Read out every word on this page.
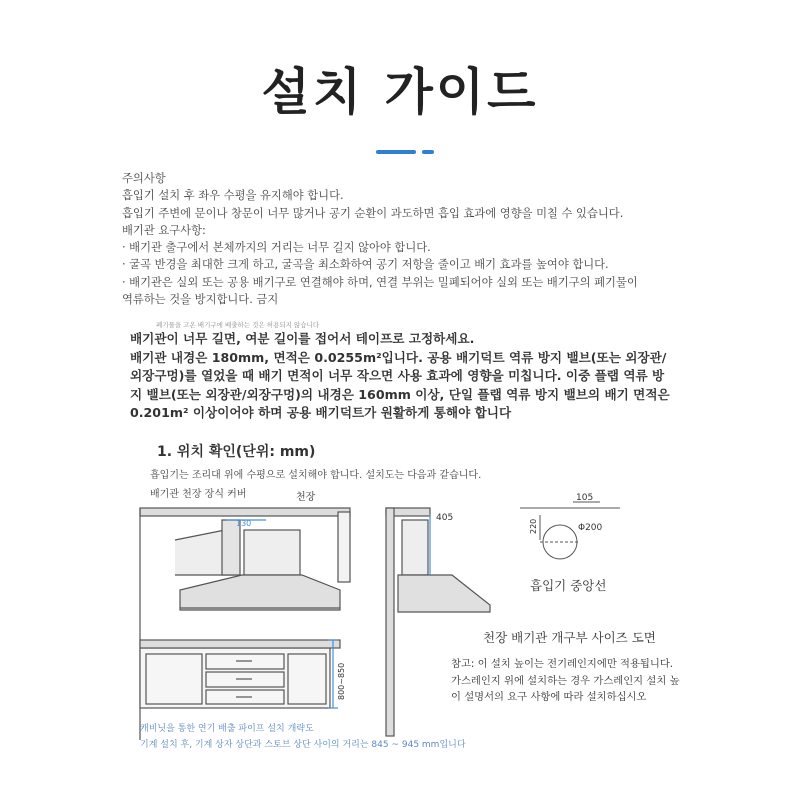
설치 가이드
주의사항
흡입기 설치 후 좌우 수평을 유지해야 합니다.
흡입기 주변에 문이나 창문이 너무 많거나 공기 순환이 과도하면 흡입 효과에 영향을 미칠 수 있습니다.
배기관 요구사항:
· 배기관 출구에서 본체까지의 거리는 너무 길지 않아야 합니다.
· 굴곡 반경을 최대한 크게 하고, 굴곡을 최소화하여 공기 저항을 줄이고 배기 효과를 높여야 합니다.
· 배기관은 실외 또는 공용 배기구로 연결해야 하며, 연결 부위는 밀폐되어야 실외 또는 배기구의 폐기물이
역류하는 것을 방지합니다. 금지
폐기물을 고온 배기구에 배출하는 것은 허용되지 않습니다
배기관이 너무 길면, 여분 길이를 접어서 테이프로 고정하세요.
배기관 내경은 180mm, 면적은 0.0255m²입니다. 공용 배기덕트 역류 방지 밸브(또는 외장관/
외장구멍)를 열었을 때 배기 면적이 너무 작으면 사용 효과에 영향을 미칩니다. 이중 플랩 역류 방
지 밸브(또는 외장관/외장구멍)의 내경은 160mm 이상, 단일 플랩 역류 방지 밸브의 배기 면적은
0.201m² 이상이어야 하며 공용 배기덕트가 원활하게 통해야 합니다
1. 위치 확인(단위: mm)
흡입기는 조리대 위에 수평으로 설치해야 합니다. 설치도는 다음과 같습니다.
배기관 천장 장식 커버	천장
130
800~850
405
105
220	Φ200
흡입기 중앙선
천장 배기관 개구부 사이즈 도면
참고: 이 설치 높이는 전기레인지에만 적용됩니다.
가스레인지 위에 설치하는 경우 가스레인지 설치 높
이 설명서의 요구 사항에 따라 설치하십시오
캐비닛을 통한 연기 배출 파이프 설치 개략도
기계 설치 후, 기계 상자 상단과 스토브 상단 사이의 거리는 845 ~ 945 mm입니다
